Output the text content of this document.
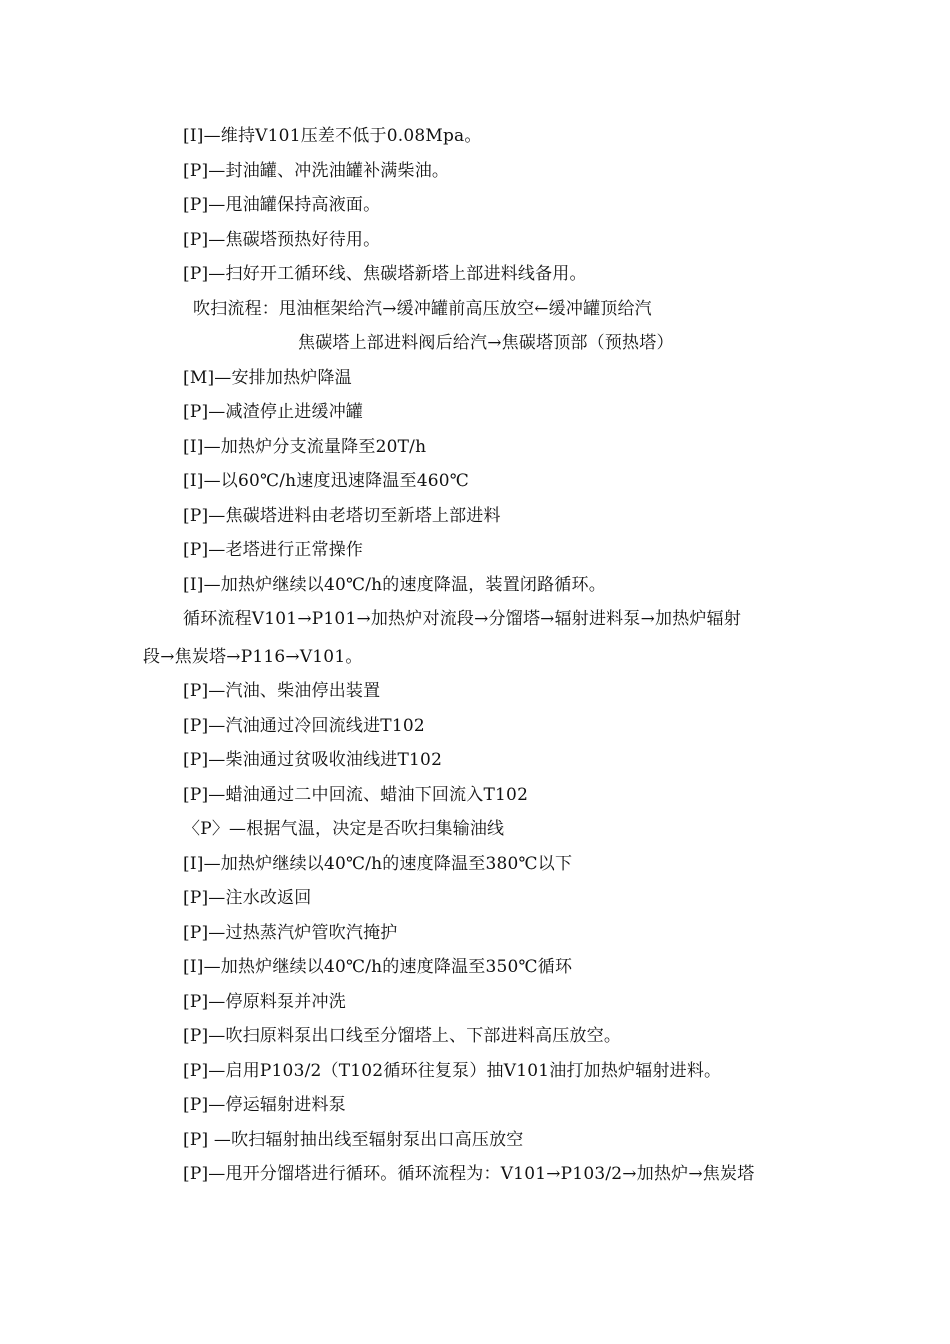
[I]—维持V101压差不低于0.08Mpa。
[P]—封油罐、冲洗油罐补满柴油。
[P]—甩油罐保持高液面。
[P]—焦碳塔预热好待用。
[P]—扫好开工循环线、焦碳塔新塔上部进料线备用。
吹扫流程：甩油框架给汽→缓冲罐前高压放空←缓冲罐顶给汽
焦碳塔上部进料阀后给汽→焦碳塔顶部（预热塔）
[M]—安排加热炉降温
[P]—减渣停止进缓冲罐
[I]—加热炉分支流量降至20T/h
[I]—以60℃/h速度迅速降温至460℃
[P]—焦碳塔进料由老塔切至新塔上部进料
[P]—老塔进行正常操作
[I]—加热炉继续以40℃/h的速度降温，装置闭路循环。
循环流程V101→P101→加热炉对流段→分馏塔→辐射进料泵→加热炉辐射
段→焦炭塔→P116→V101。
[P]—汽油、柴油停出装置
[P]—汽油通过冷回流线进T102
[P]—柴油通过贫吸收油线进T102
[P]—蜡油通过二中回流、蜡油下回流入T102
〈P〉—根据气温，决定是否吹扫集输油线
[I]—加热炉继续以40℃/h的速度降温至380℃以下
[P]—注水改返回
[P]—过热蒸汽炉管吹汽掩护
[I]—加热炉继续以40℃/h的速度降温至350℃循环
[P]—停原料泵并冲洗
[P]—吹扫原料泵出口线至分馏塔上、下部进料高压放空。
[P]—启用P103/2（T102循环往复泵）抽V101油打加热炉辐射进料。
[P]—停运辐射进料泵
[P] —吹扫辐射抽出线至辐射泵出口高压放空
[P]—甩开分馏塔进行循环。循环流程为：V101→P103/2→加热炉→焦炭塔
